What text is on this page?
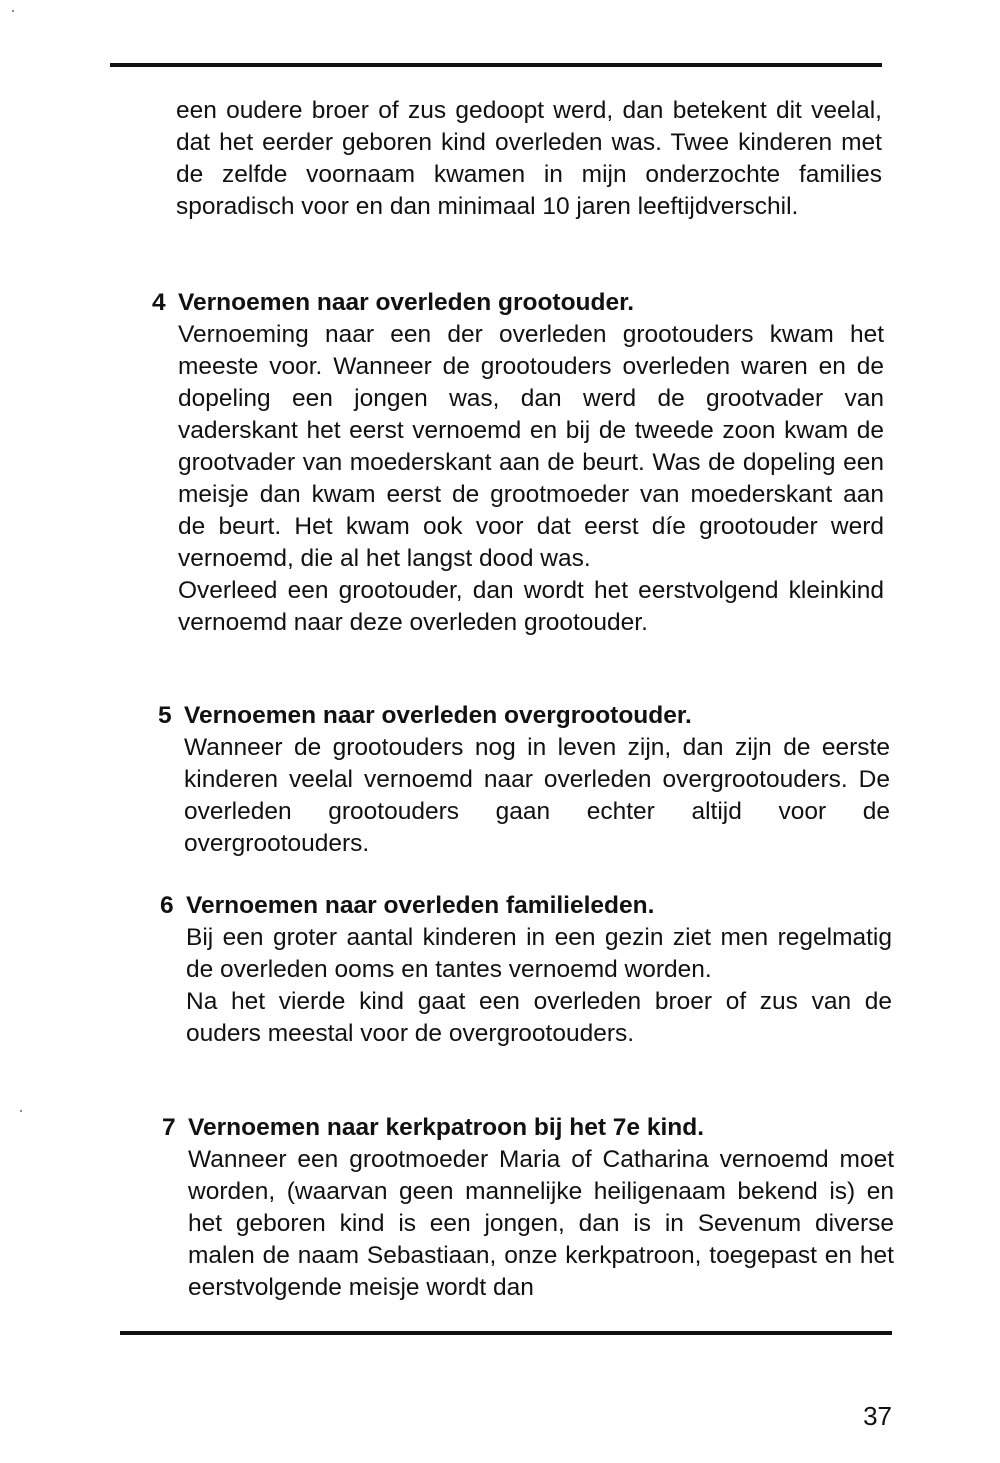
een oudere broer of zus gedoopt werd, dan betekent dit veelal, dat het eerder geboren kind overleden was. Twee kinderen met de zelfde voornaam kwamen in mijn onderzochte families sporadisch voor en dan minimaal 10 jaren leeftijdverschil.

4 Vernoemen naar overleden grootouder.

Vernoeming naar een der overleden grootouders kwam het meeste voor. Wanneer de grootouders overleden waren en de dopeling een jongen was, dan werd de grootvader van vaderskant het eerst vernoemd en bij de tweede zoon kwam de grootvader van moederskant aan de beurt. Was de dopeling een meisje dan kwam eerst de grootmoeder van moederskant aan de beurt. Het kwam ook voor dat eerst díe grootouder werd vernoemd, die al het langst dood was.

Overleed een grootouder, dan wordt het eerstvolgend kleinkind vernoemd naar deze overleden grootouder.

5 Vernoemen naar overleden overgrootouder.

Wanneer de grootouders nog in leven zijn, dan zijn de eerste kinderen veelal vernoemd naar overleden overgrootouders. De overleden grootouders gaan echter altijd voor de overgrootouders.

6 Vernoemen naar overleden familieleden.

Bij een groter aantal kinderen in een gezin ziet men regelmatig de overleden ooms en tantes vernoemd worden.

Na het vierde kind gaat een overleden broer of zus van de ouders meestal voor de overgrootouders.

7 Vernoemen naar kerkpatroon bij het 7e kind.

Wanneer een grootmoeder Maria of Catharina vernoemd moet worden, (waarvan geen mannelijke heiligenaam bekend is) en het geboren kind is een jongen, dan is in Sevenum diverse malen de naam Sebastiaan, onze kerkpatroon, toegepast en het eerstvolgende meisje wordt dan

37
